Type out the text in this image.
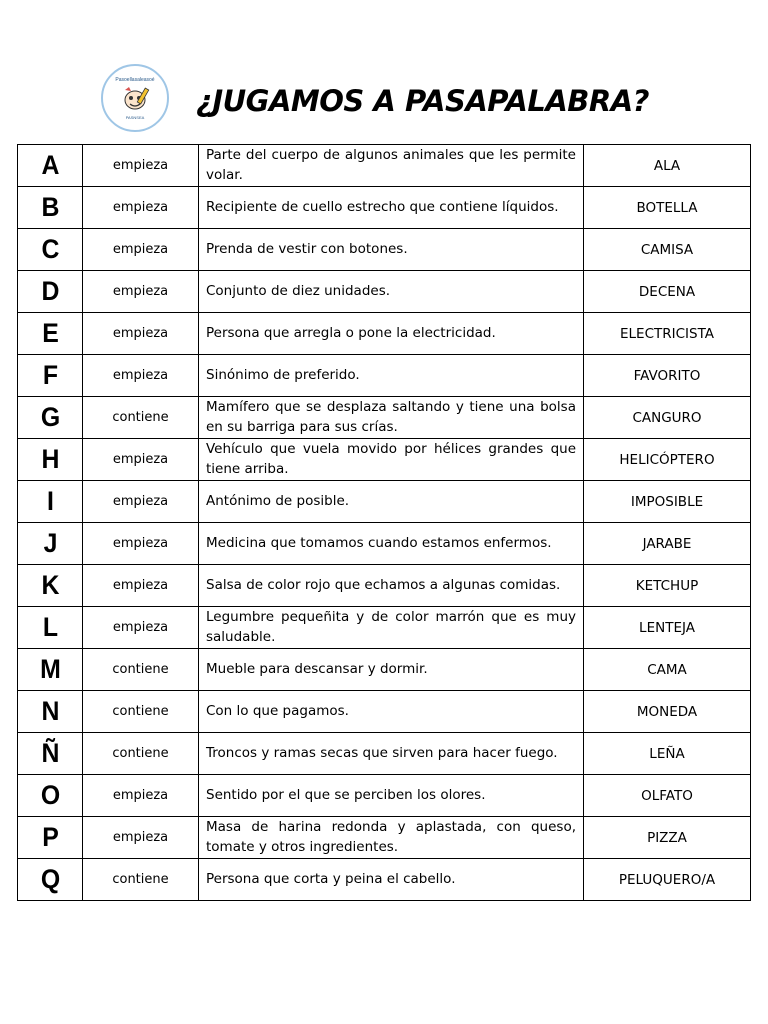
Pasoellasaleasoé
PASNSEA ¿JUGAMOS A PASAPALABRA?
A	empieza	Parte del cuerpo de algunos animales que les permite volar.	ALA
B	empieza	Recipiente de cuello estrecho que contiene líquidos.	BOTELLA
C	empieza	Prenda de vestir con botones.	CAMISA
D	empieza	Conjunto de diez unidades.	DECENA
E	empieza	Persona que arregla o pone la electricidad.	ELECTRICISTA
F	empieza	Sinónimo de preferido.	FAVORITO
G	contiene	Mamífero que se desplaza saltando y tiene una bolsa en su barriga para sus crías.	CANGURO
H	empieza	Vehículo que vuela movido por hélices grandes que tiene arriba.	HELICÓPTERO
I	empieza	Antónimo de posible.	IMPOSIBLE
J	empieza	Medicina que tomamos cuando estamos enfermos.	JARABE
K	empieza	Salsa de color rojo que echamos a algunas comidas.	KETCHUP
L	empieza	Legumbre pequeñita y de color marrón que es muy saludable.	LENTEJA
M	contiene	Mueble para descansar y dormir.	CAMA
N	contiene	Con lo que pagamos.	MONEDA
Ñ	contiene	Troncos y ramas secas que sirven para hacer fuego.	LEÑA
O	empieza	Sentido por el que se perciben los olores.	OLFATO
P	empieza	Masa de harina redonda y aplastada, con queso, tomate y otros ingredientes.	PIZZA
Q	contiene	Persona que corta y peina el cabello.	PELUQUERO/A
